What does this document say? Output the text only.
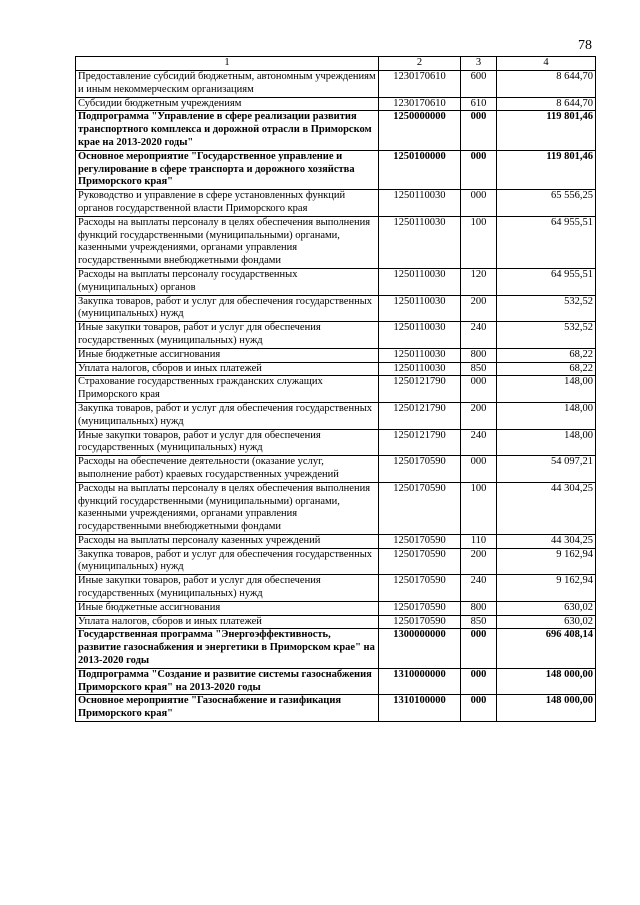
78
1	2	3	4
Предоставление субсидий бюджетным, автономным учреждениям и иным некоммерческим организациям	1230170610	600	8 644,70
Субсидии бюджетным учреждениям	1230170610	610	8 644,70
Подпрограмма "Управление в сфере реализации развития транспортного комплекса и дорожной отрасли в Приморском крае на 2013-2020 годы"	1250000000	000	119 801,46
Основное мероприятие "Государственное управление и регулирование в сфере транспорта и дорожного хозяйства Приморского края"	1250100000	000	119 801,46
Руководство и управление в сфере установленных функций органов государственной власти Приморского края	1250110030	000	65 556,25
Расходы на выплаты персоналу в целях обеспечения выполнения функций государственными (муниципальными) органами, казенными учреждениями, органами управления государственными внебюджетными фондами	1250110030	100	64 955,51
Расходы на выплаты персоналу государственных (муниципальных) органов	1250110030	120	64 955,51
Закупка товаров, работ и услуг для обеспечения государственных (муниципальных) нужд	1250110030	200	532,52
Иные закупки товаров, работ и услуг для обеспечения государственных (муниципальных) нужд	1250110030	240	532,52
Иные бюджетные ассигнования	1250110030	800	68,22
Уплата налогов, сборов и иных платежей	1250110030	850	68,22
Страхование государственных гражданских служащих Приморского края	1250121790	000	148,00
Закупка товаров, работ и услуг для обеспечения государственных (муниципальных) нужд	1250121790	200	148,00
Иные закупки товаров, работ и услуг для обеспечения государственных (муниципальных) нужд	1250121790	240	148,00
Расходы на обеспечение деятельности (оказание услуг, выполнение работ) краевых государственных учреждений	1250170590	000	54 097,21
Расходы на выплаты персоналу в целях обеспечения выполнения функций государственными (муниципальными) органами, казенными учреждениями, органами управления государственными внебюджетными фондами	1250170590	100	44 304,25
Расходы на выплаты персоналу казенных учреждений	1250170590	110	44 304,25
Закупка товаров, работ и услуг для обеспечения государственных (муниципальных) нужд	1250170590	200	9 162,94
Иные закупки товаров, работ и услуг для обеспечения государственных (муниципальных) нужд	1250170590	240	9 162,94
Иные бюджетные ассигнования	1250170590	800	630,02
Уплата налогов, сборов и иных платежей	1250170590	850	630,02
Государственная программа "Энергоэффективность, развитие газоснабжения и энергетики в Приморском крае" на 2013-2020 годы	1300000000	000	696 408,14
Подпрограмма "Создание и развитие системы газоснабжения Приморского края" на 2013-2020 годы	1310000000	000	148 000,00
Основное мероприятие "Газоснабжение и газификация Приморского края"	1310100000	000	148 000,00
